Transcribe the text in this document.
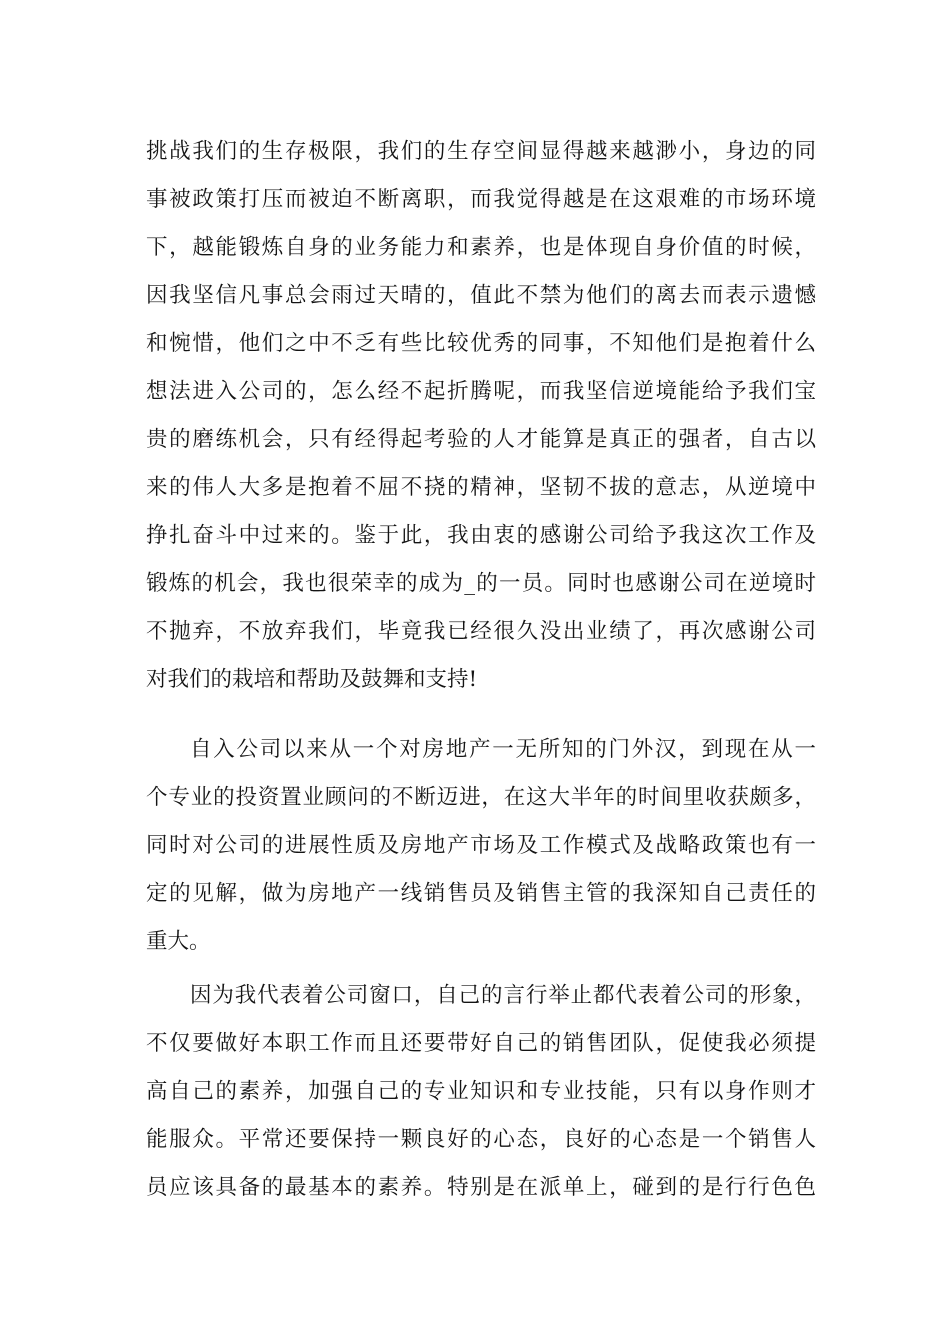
挑战我们的生存极限，我们的生存空间显得越来越渺小，身边的同
事被政策打压而被迫不断离职，而我觉得越是在这艰难的市场环境
下，越能锻炼自身的业务能力和素养，也是体现自身价值的时候，
因我坚信凡事总会雨过天晴的，值此不禁为他们的离去而表示遗憾
和惋惜，他们之中不乏有些比较优秀的同事，不知他们是抱着什么
想法进入公司的，怎么经不起折腾呢，而我坚信逆境能给予我们宝
贵的磨练机会，只有经得起考验的人才能算是真正的强者，自古以
来的伟人大多是抱着不屈不挠的精神，坚韧不拔的意志，从逆境中
挣扎奋斗中过来的。鉴于此，我由衷的感谢公司给予我这次工作及
锻炼的机会，我也很荣幸的成为_的一员。同时也感谢公司在逆境时
不抛弃，不放弃我们，毕竟我已经很久没出业绩了，再次感谢公司
对我们的栽培和帮助及鼓舞和支持!
自入公司以来从一个对房地产一无所知的门外汉，到现在从一
个专业的投资置业顾问的不断迈进，在这大半年的时间里收获颇多，
同时对公司的进展性质及房地产市场及工作模式及战略政策也有一
定的见解，做为房地产一线销售员及销售主管的我深知自己责任的
重大。
因为我代表着公司窗口，自己的言行举止都代表着公司的形象，
不仅要做好本职工作而且还要带好自己的销售团队，促使我必须提
高自己的素养，加强自己的专业知识和专业技能，只有以身作则才
能服众。平常还要保持一颗良好的心态，良好的心态是一个销售人
员应该具备的最基本的素养。特别是在派单上，碰到的是行行色色
